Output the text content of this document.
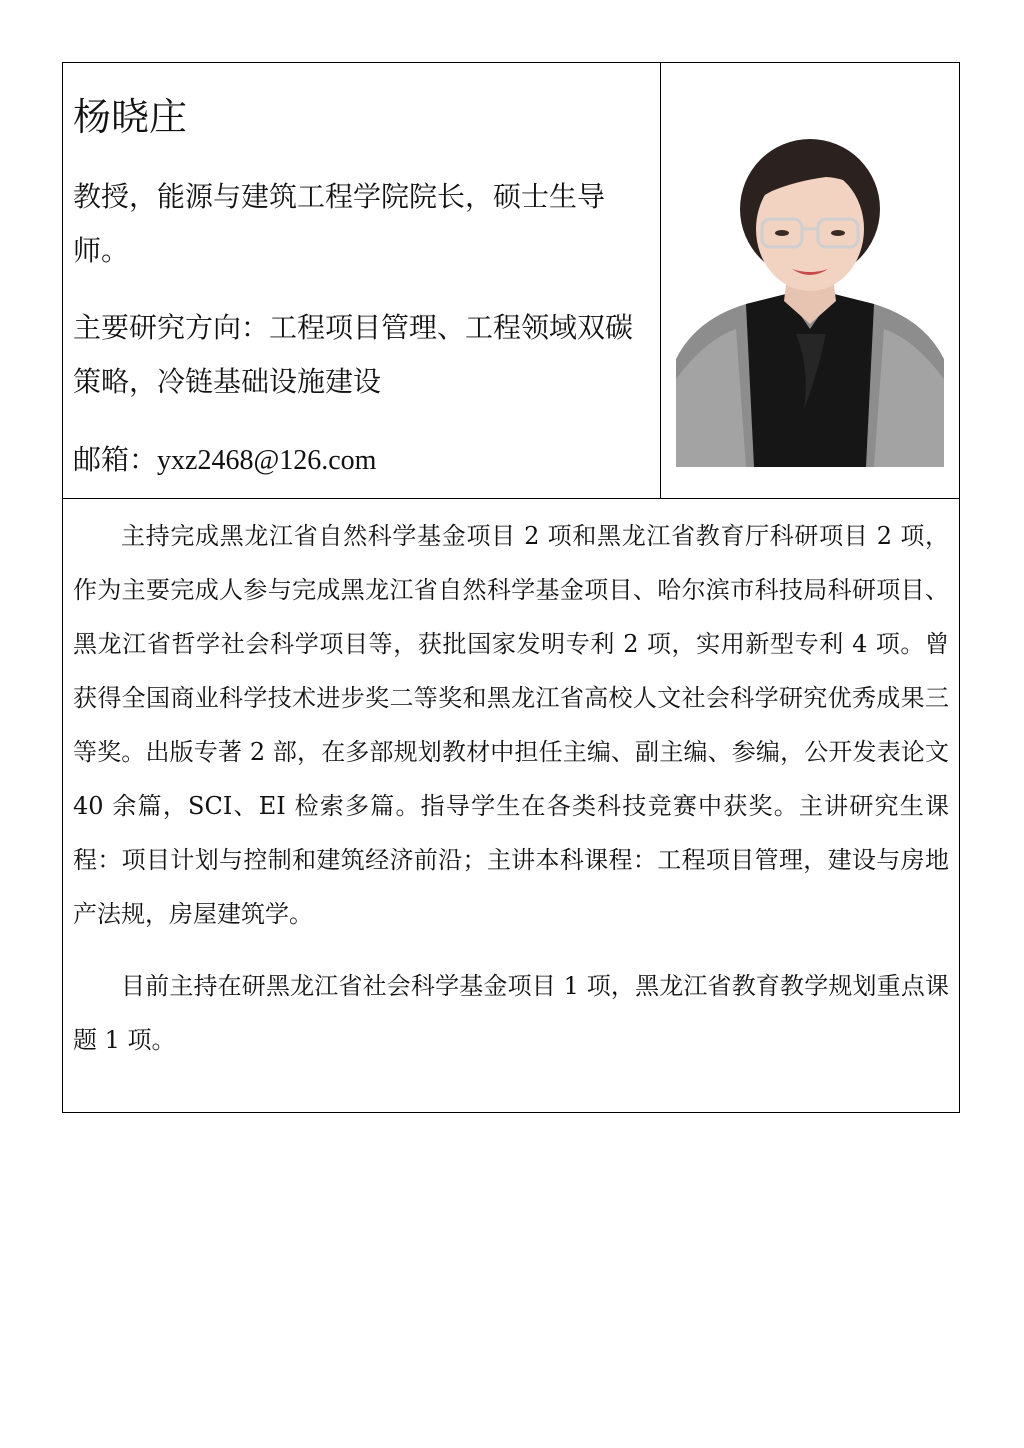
杨晓庄

教授，能源与建筑工程学院院长，硕士生导师。

主要研究方向：工程项目管理、工程领域双碳策略，冷链基础设施建设

邮箱：yxz2468@126.com

主持完成黑龙江省自然科学基金项目 2 项和黑龙江省教育厅科研项目 2 项，作为主要完成人参与完成黑龙江省自然科学基金项目、哈尔滨市科技局科研项目、黑龙江省哲学社会科学项目等，获批国家发明专利 2 项，实用新型专利 4 项。曾获得全国商业科学技术进步奖二等奖和黑龙江省高校人文社会科学研究优秀成果三等奖。出版专著 2 部，在多部规划教材中担任主编、副主编、参编，公开发表论文 40 余篇，SCI、EI 检索多篇。指导学生在各类科技竞赛中获奖。主讲研究生课程：项目计划与控制和建筑经济前沿；主讲本科课程：工程项目管理，建设与房地产法规，房屋建筑学。

目前主持在研黑龙江省社会科学基金项目 1 项，黑龙江省教育教学规划重点课题 1 项。
